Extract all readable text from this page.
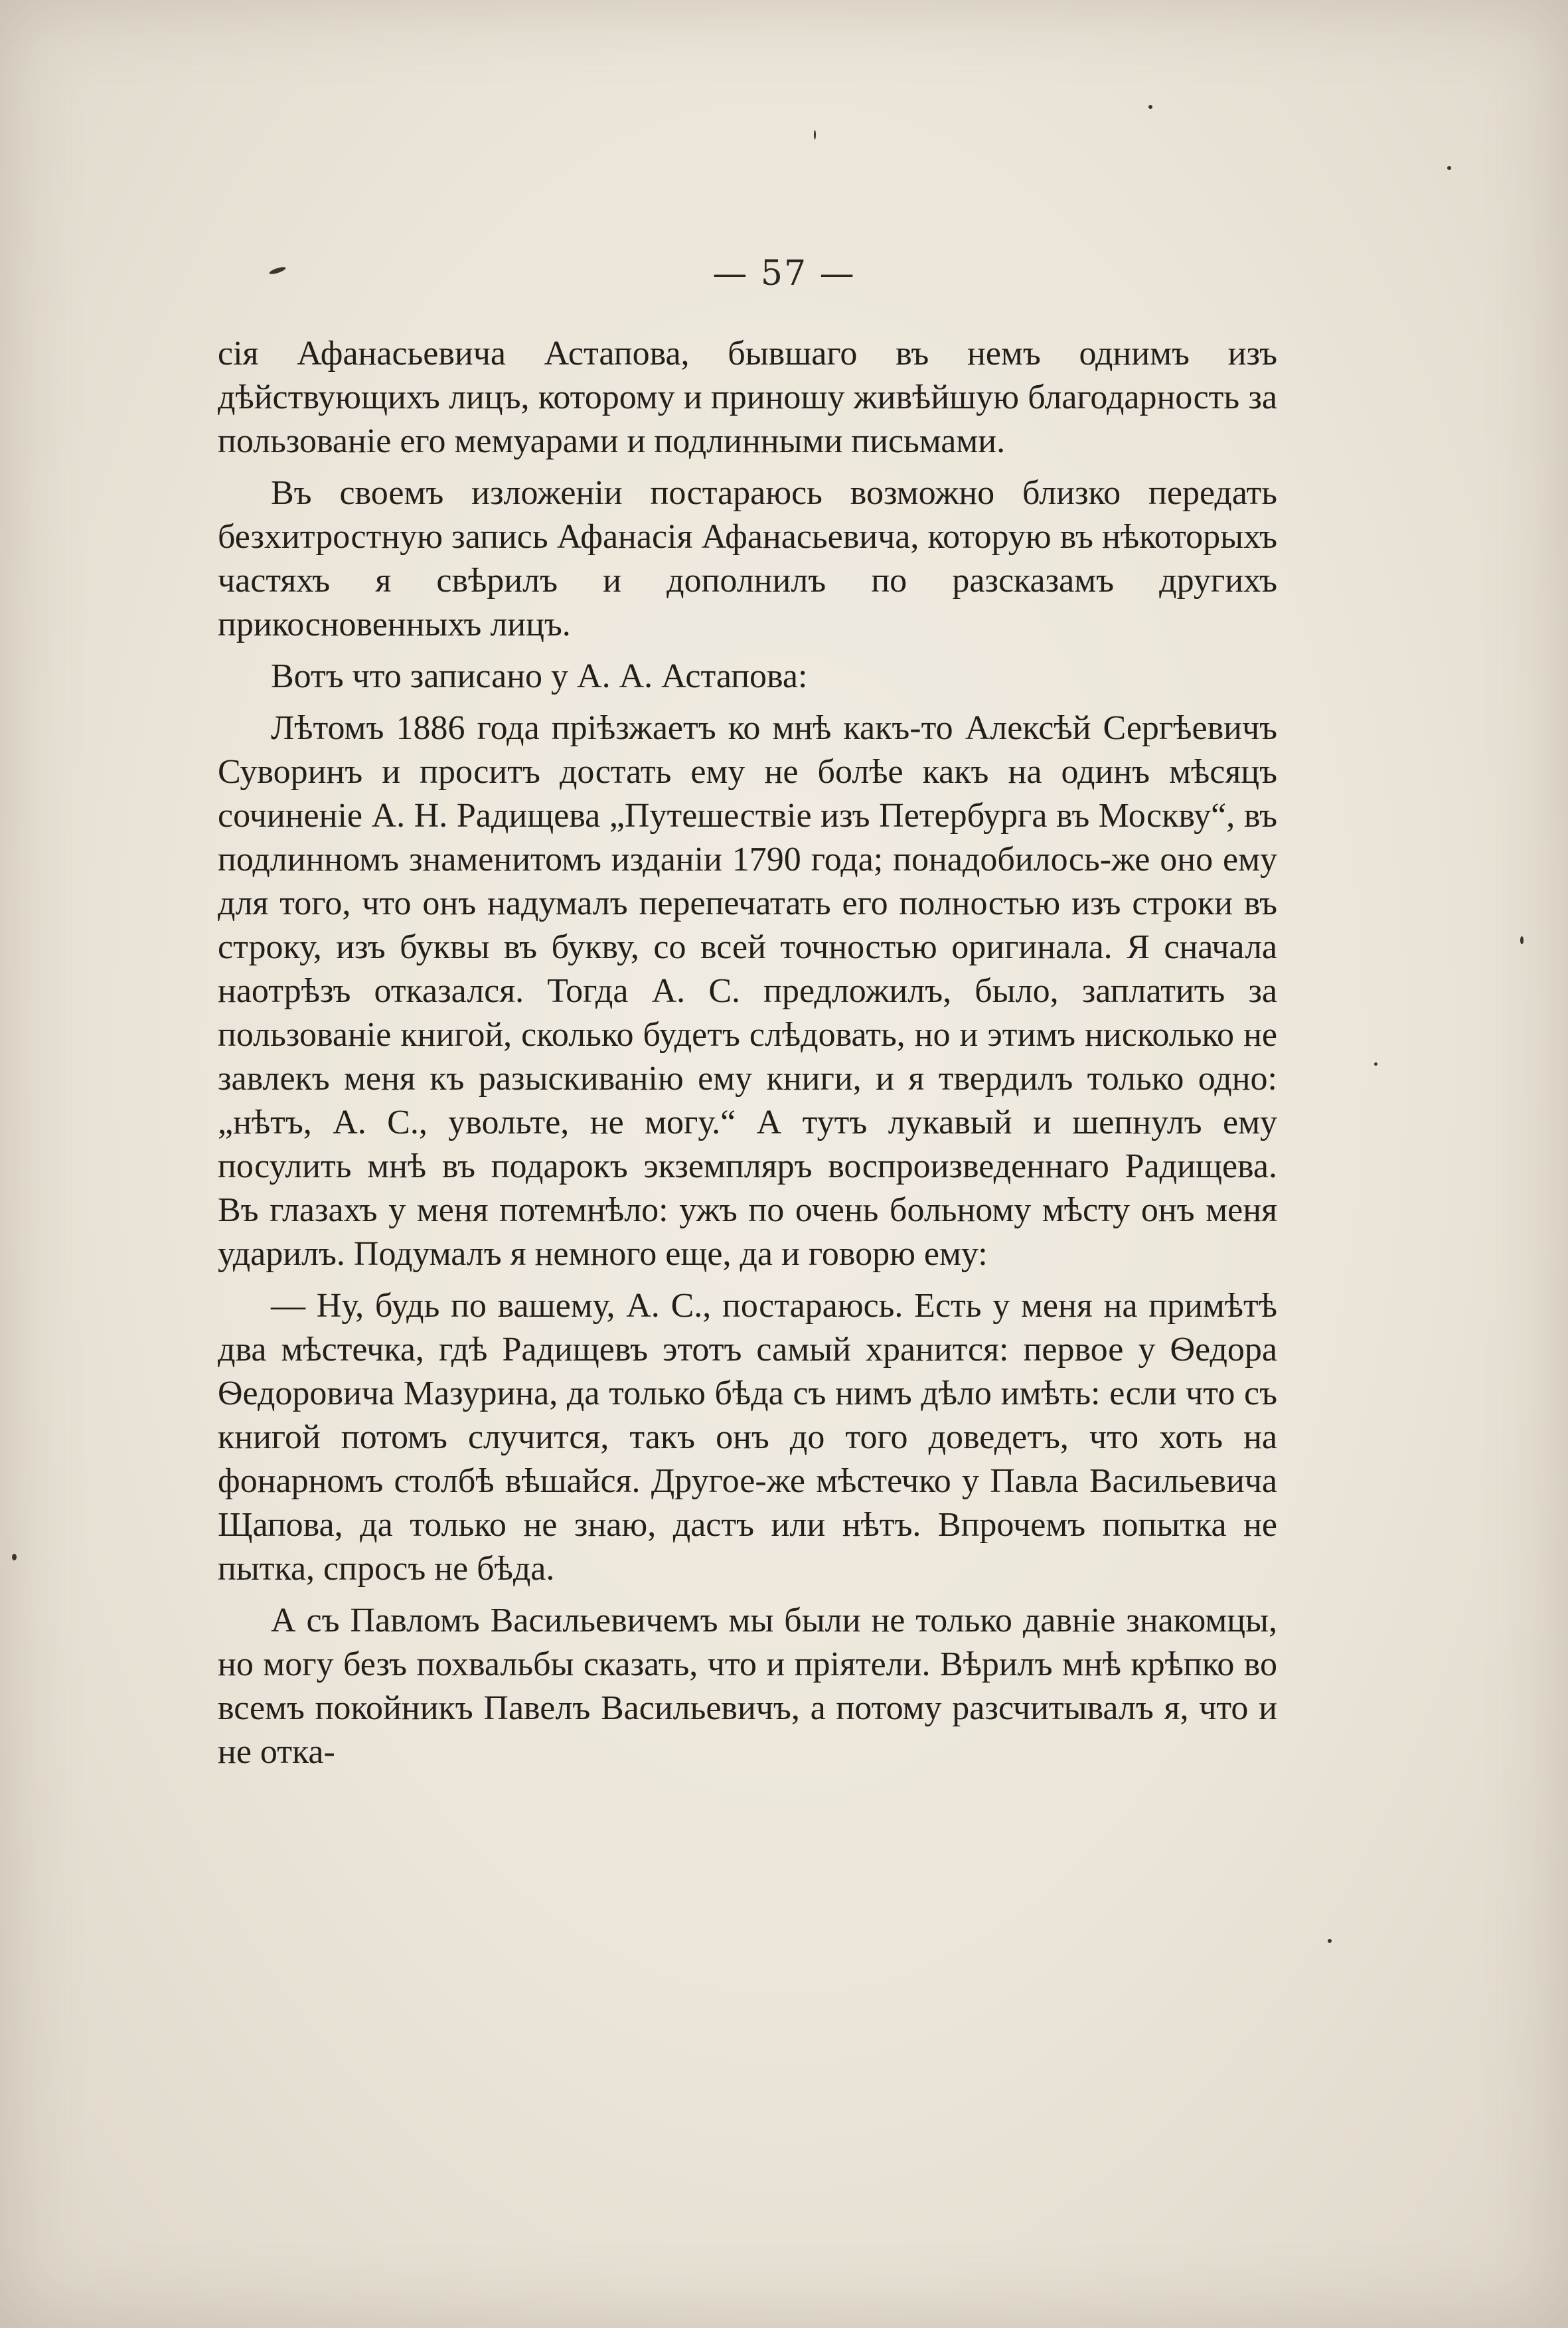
— 57 —

сія Афанасьевича Астапова, бывшаго въ немъ однимъ изъ дѣйствующихъ лицъ, которому и приношу живѣйшую благодарность за пользованіе его мемуарами и подлинными письмами.

Въ своемъ изложеніи постараюсь возможно близко передать безхитростную запись Афанасія Афанасьевича, которую въ нѣкоторыхъ частяхъ я свѣрилъ и дополнилъ по разсказамъ другихъ прикосновенныхъ лицъ.

Вотъ что записано у А. А. Астапова:

Лѣтомъ 1886 года пріѣзжаетъ ко мнѣ какъ-то Алексѣй Сергѣевичъ Суворинъ и проситъ достать ему не болѣе какъ на одинъ мѣсяцъ сочиненіе А. Н. Радищева „Путешествіе изъ Петербурга въ Москву“, въ подлинномъ знаменитомъ изданіи 1790 года; понадобилось-же оно ему для того, что онъ надумалъ перепечатать его полностью изъ строки въ строку, изъ буквы въ букву, со всей точностью оригинала. Я сначала наотрѣзъ отказался. Тогда А. С. предложилъ, было, заплатить за пользованіе книгой, сколько будетъ слѣдовать, но и этимъ нисколько не завлекъ меня къ разыскиванію ему книги, и я твердилъ только одно: „нѣтъ, А. С., увольте, не могу.“ А тутъ лукавый и шепнулъ ему посулить мнѣ въ подарокъ экземпляръ воспроизведеннаго Радищева. Въ глазахъ у меня потемнѣло: ужъ по очень больному мѣсту онъ меня ударилъ. Подумалъ я немного еще, да и говорю ему:

— Ну, будь по вашему, А. С., постараюсь. Есть у меня на примѣтѣ два мѣстечка, гдѣ Радищевъ этотъ самый хранится: первое у Ѳедора Ѳедоровича Мазурина, да только бѣда съ нимъ дѣло имѣть: если что съ книгой потомъ случится, такъ онъ до того доведетъ, что хоть на фонарномъ столбѣ вѣшайся. Другое-же мѣстечко у Павла Васильевича Щапова, да только не знаю, дастъ или нѣтъ. Впрочемъ попытка не пытка, спросъ не бѣда.

А съ Павломъ Васильевичемъ мы были не только давніе знакомцы, но могу безъ похвальбы сказать, что и пріятели. Вѣрилъ мнѣ крѣпко во всемъ покойникъ Павелъ Васильевичъ, а потому разсчитывалъ я, что и не отка-
